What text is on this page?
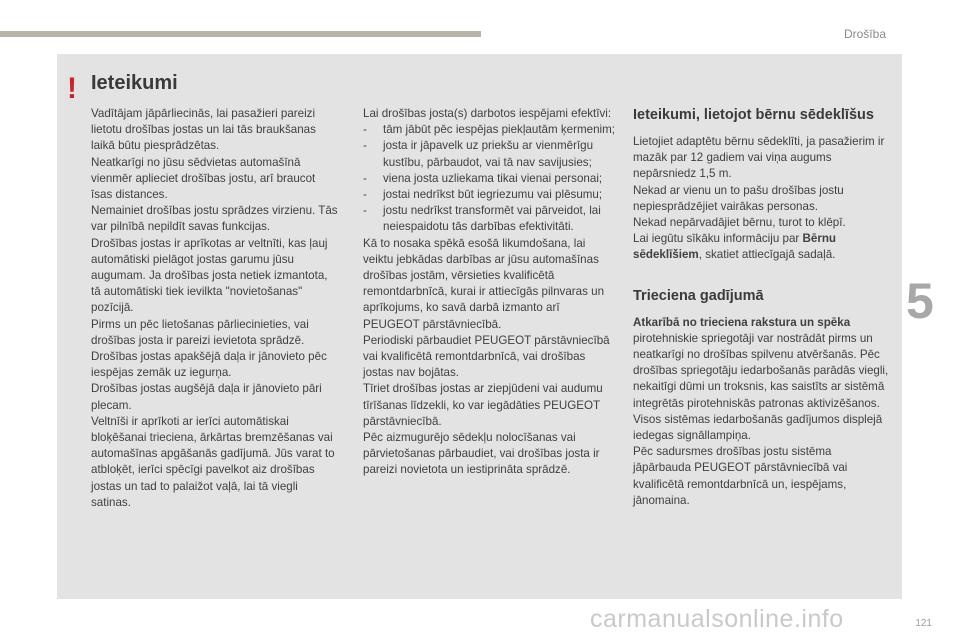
Drošība
! Ieteikumi

Vadītājam jāpārliecinās, lai pasažieri pareizi lietotu drošības jostas un lai tās braukšanas laikā būtu piesprādzētas.

Neatkarīgi no jūsu sēdvietas automašīnā vienmēr aplieciet drošības jostu, arī braucot īsas distances.

Nemainiet drošības jostu sprādzes virzienu. Tās var pilnībā nepildīt savas funkcijas.

Drošības jostas ir aprīkotas ar veltnīti, kas ļauj automātiski pielāgot jostas garumu jūsu augumam. Ja drošības josta netiek izmantota, tā automātiski tiek ievilkta "novietošanas" pozīcijā.

Pirms un pēc lietošanas pārliecinieties, vai drošības josta ir pareizi ievietota sprādzē.

Drošības jostas apakšējā daļa ir jānovieto pēc iespējas zemāk uz iegurņa.

Drošības jostas augšējā daļa ir jānovieto pāri plecam.

Veltnīši ir aprīkoti ar ierīci automātiskai bloķēšanai trieciena, ārkārtas bremzēšanas vai automašīnas apgāšanās gadījumā. Jūs varat to atbloķēt, ierīci spēcīgi pavelkot aiz drošības jostas un tad to palaižot vaļā, lai tā viegli satinas.

Lai drošības josta(s) darbotos iespējami efektīvi:

-	tām jābūt pēc iespējas piekļautām ķermenim;
-	josta ir jāpavelk uz priekšu ar vienmērīgu kustību, pārbaudot, vai tā nav savijusies;
-	viena josta uzliekama tikai vienai personai;
-	jostai nedrīkst būt iegriezumu vai plēsumu;
-	jostu nedrīkst transformēt vai pārveidot, lai neiespaidotu tās darbības efektivitāti.

Kā to nosaka spēkā esošā likumdošana, lai veiktu jebkādas darbības ar jūsu automašīnas drošības jostām, vērsieties kvalificētā remontdarbnīcā, kurai ir attiecīgās pilnvaras un aprīkojums, ko savā darbā izmanto arī PEUGEOT pārstāvniecībā.

Periodiski pārbaudiet PEUGEOT pārstāvniecībā vai kvalificētā remontdarbnīcā, vai drošības jostas nav bojātas.

Tīriet drošības jostas ar ziepjūdeni vai audumu tīrīšanas līdzekli, ko var iegādāties PEUGEOT pārstāvniecībā.

Pēc aizmugurējo sēdekļu nolocīšanas vai pārvietošanas pārbaudiet, vai drošības josta ir pareizi novietota un iestiprināta sprādzē.

Ieteikumi, lietojot bērnu sēdeklīšus

Lietojiet adaptētu bērnu sēdeklīti, ja pasažierim ir mazāk par 12 gadiem vai viņa augums nepārsniedz 1,5 m.

Nekad ar vienu un to pašu drošības jostu nepiesprādzējiet vairākas personas.

Nekad nepārvadājiet bērnu, turot to klēpī.

Lai iegūtu sīkāku informāciju par Bērnu sēdeklīšiem, skatiet attiecīgajā sadaļā.

Trieciena gadījumā

Atkarībā no trieciena rakstura un spēka

pirotehniskie spriegotāji var nostrādāt pirms un neatkarīgi no drošības spilvenu atvēršanās. Pēc drošības spriegotāju iedarbošanās parādās viegli, nekaitīgi dūmi un troksnis, kas saistīts ar sistēmā integrētās pirotehniskās patronas aktivizēšanos.

Visos sistēmas iedarbošanās gadījumos displejā iedegas signāllampiņa.

Pēc sadursmes drošības jostu sistēma jāpārbauda PEUGEOT pārstāvniecībā vai kvalificētā remontdarbnīcā un, iespējams, jānomaina.

5
carmanualsonline.info	121
